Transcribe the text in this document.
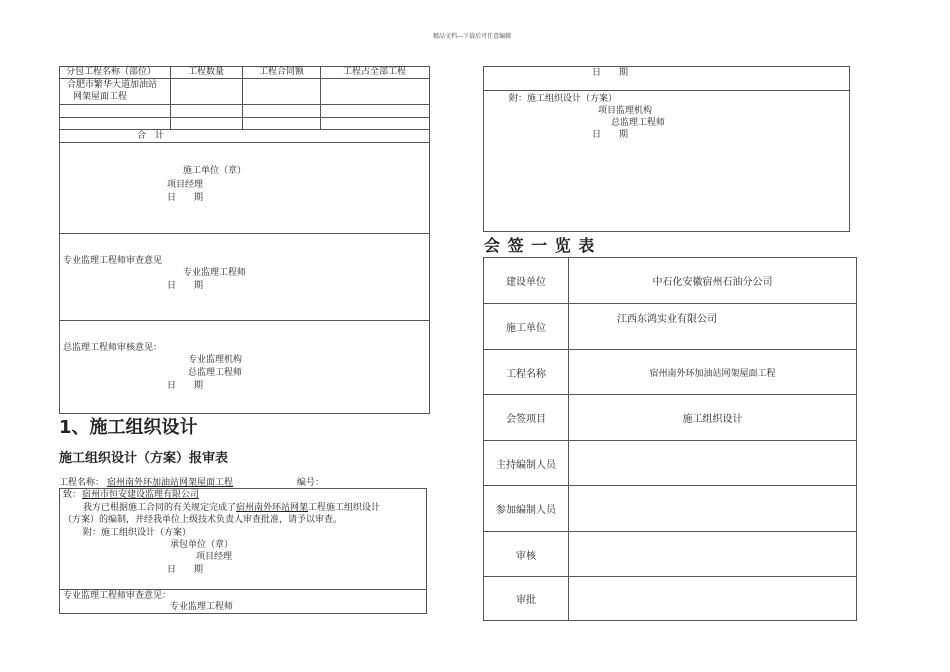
精品文档---下载后可任意编辑
分包工程名称（部位）	工程数量	工程合同额	工程占全部工程
合肥市繁华大道加油站
网架屋面工程
合　计
施工单位（章）
项目经理
日　　期
专业监理工程师审查意见
专业监理工程师
日　　期
总监理工程师审核意见：
专业监理机构
总监理工程师
日　　期
1、施工组织设计
施工组织设计（方案）报审表
工程名称： 宿州南外环加油站网架屋面工程	编号：
致： 宿州市恒安建设监理有限公司
我方已根据施工合同的有关规定完成了宿州南外环站网架工程施工组织设计
（方案）的编制，并经我单位上级技术负责人审查批准，请予以审查。
附：施工组织设计（方案）
承包单位（章）
项目经理
日　　期
专业监理工程师审查意见：
专业监理工程师
日　　期
附：施工组织设计（方案）
项目监理机构
总监理工程师
日　　期
会 签 一 览 表
建设单位	中石化安徽宿州石油分公司
施工单位	江西东鸿实业有限公司
工程名称	宿州南外环加油站网架屋面工程
会签项目	施工组织设计
主持编制人员	
参加编制人员	
审核	
审批	
